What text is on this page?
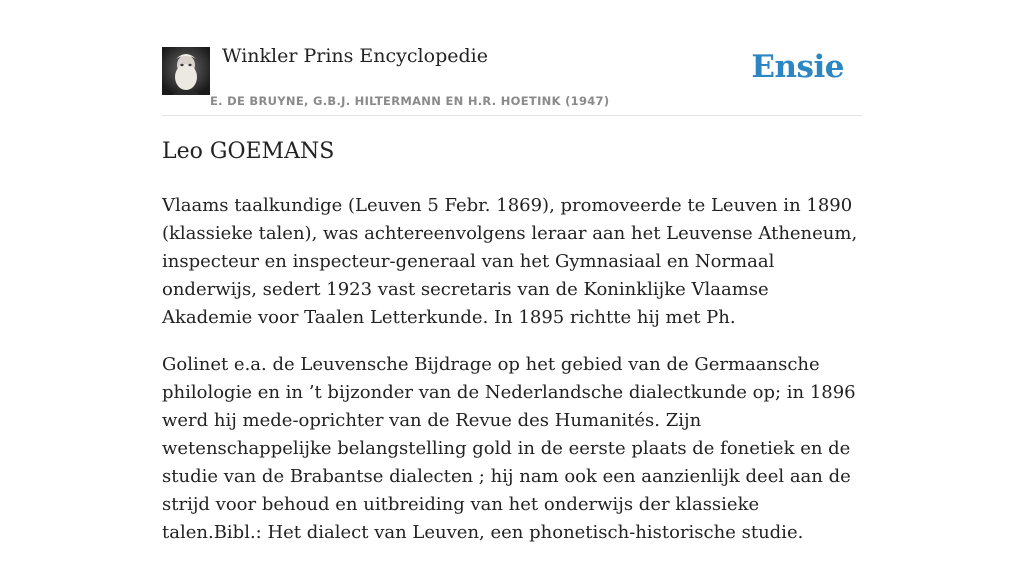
Winkler Prins Encyclopedie
E. DE BRUYNE, G.B.J. HILTERMANN EN H.R. HOETINK (1947)
Ensie
Leo GOEMANS

Vlaams taalkundige (Leuven 5 Febr. 1869), promoveerde te Leuven in 1890 (klassieke talen), was achtereenvolgens leraar aan het Leuvense Atheneum, inspecteur en inspecteur-generaal van het Gymnasiaal en Normaal onderwijs, sedert 1923 vast secretaris van de Koninklijke Vlaamse Akademie voor Taalen Letterkunde. In 1895 richtte hij met Ph.

Golinet e.a. de Leuvensche Bijdrage op het gebied van de Germaansche philologie en in ’t bijzonder van de Nederlandsche dialectkunde op; in 1896 werd hij mede-oprichter van de Revue des Humanités. Zijn wetenschappelijke belangstelling gold in de eerste plaats de fonetiek en de studie van de Brabantse dialecten ; hij nam ook een aanzienlijk deel aan de strijd voor behoud en uitbreiding van het onderwijs der klassieke talen.Bibl.: Het dialect van Leuven, een phonetisch-historische studie.
